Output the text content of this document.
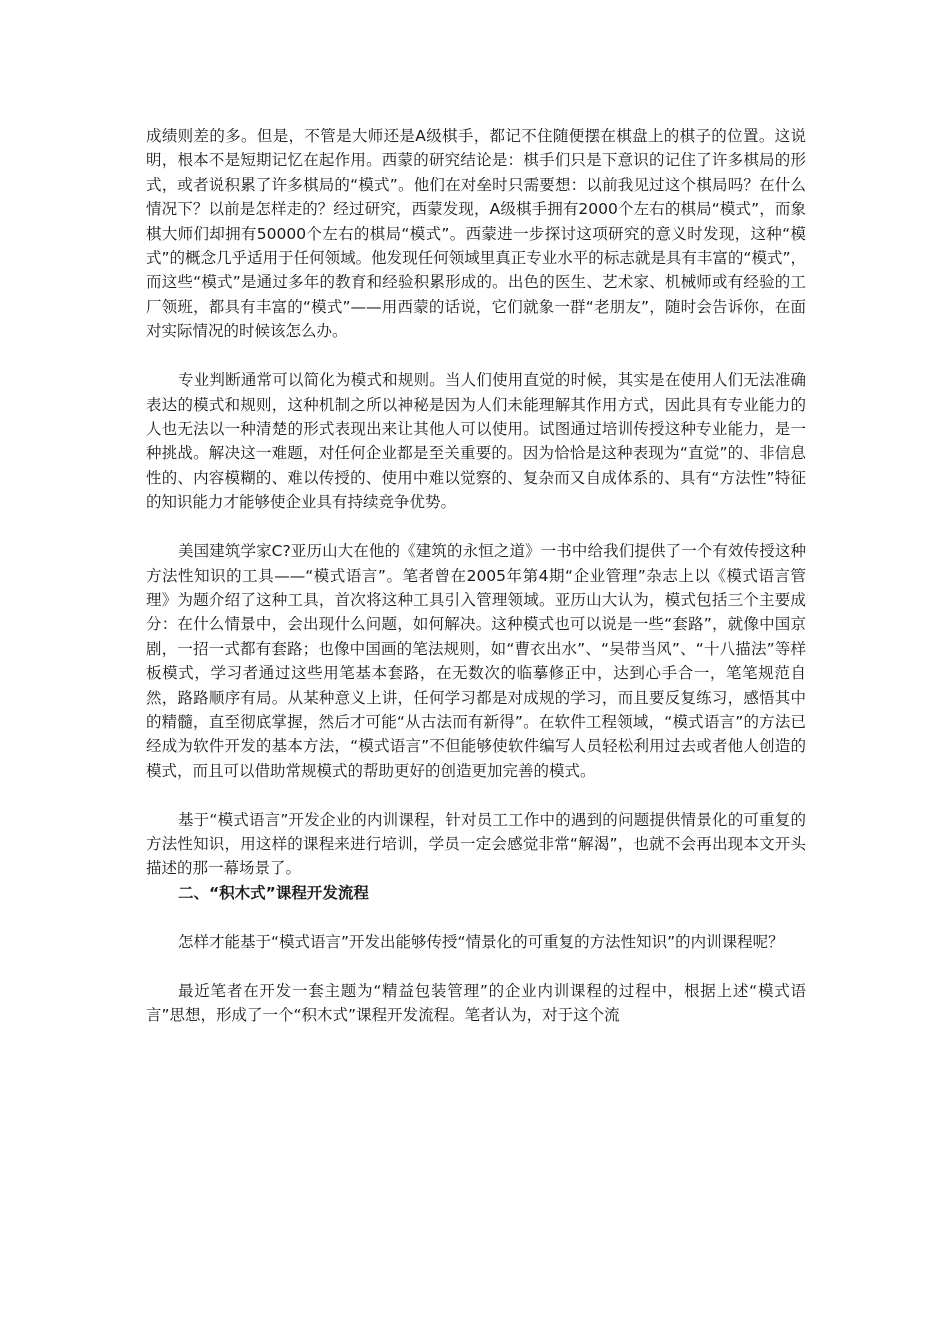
成绩则差的多。但是，不管是大师还是A级棋手，都记不住随便摆在棋盘上的棋子的位置。这说明，根本不是短期记忆在起作用。西蒙的研究结论是：棋手们只是下意识的记住了许多棋局的形式，或者说积累了许多棋局的“模式”。他们在对垒时只需要想：以前我见过这个棋局吗？在什么情况下？以前是怎样走的？经过研究，西蒙发现，A级棋手拥有2000个左右的棋局“模式”，而象棋大师们却拥有50000个左右的棋局“模式”。西蒙进一步探讨这项研究的意义时发现，这种“模式”的概念几乎适用于任何领域。他发现任何领域里真正专业水平的标志就是具有丰富的“模式”，而这些“模式”是通过多年的教育和经验积累形成的。出色的医生、艺术家、机械师或有经验的工厂领班，都具有丰富的“模式”——用西蒙的话说，它们就象一群“老朋友”，随时会告诉你，在面对实际情况的时候该怎么办。

专业判断通常可以简化为模式和规则。当人们使用直觉的时候，其实是在使用人们无法准确表达的模式和规则，这种机制之所以神秘是因为人们未能理解其作用方式，因此具有专业能力的人也无法以一种清楚的形式表现出来让其他人可以使用。试图通过培训传授这种专业能力，是一种挑战。解决这一难题，对任何企业都是至关重要的。因为恰恰是这种表现为“直觉”的、非信息性的、内容模糊的、难以传授的、使用中难以觉察的、复杂而又自成体系的、具有“方法性”特征的知识能力才能够使企业具有持续竞争优势。

美国建筑学家C?亚历山大在他的《建筑的永恒之道》一书中给我们提供了一个有效传授这种方法性知识的工具——“模式语言”。笔者曾在2005年第4期“企业管理”杂志上以《模式语言管理》为题介绍了这种工具，首次将这种工具引入管理领域。亚历山大认为，模式包括三个主要成分：在什么情景中，会出现什么问题，如何解决。这种模式也可以说是一些“套路”，就像中国京剧，一招一式都有套路；也像中国画的笔法规则，如“曹衣出水”、“吴带当风”、“十八描法”等样板模式，学习者通过这些用笔基本套路，在无数次的临摹修正中，达到心手合一，笔笔规范自然，路路顺序有局。从某种意义上讲，任何学习都是对成规的学习，而且要反复练习，感悟其中的精髓，直至彻底掌握，然后才可能“从古法而有新得”。在软件工程领域，“模式语言”的方法已经成为软件开发的基本方法，“模式语言”不但能够使软件编写人员轻松利用过去或者他人创造的模式，而且可以借助常规模式的帮助更好的创造更加完善的模式。

基于“模式语言”开发企业的内训课程，针对员工工作中的遇到的问题提供情景化的可重复的方法性知识，用这样的课程来进行培训，学员一定会感觉非常“解渴”，也就不会再出现本文开头描述的那一幕场景了。

二、“积木式”课程开发流程

怎样才能基于“模式语言”开发出能够传授“情景化的可重复的方法性知识”的内训课程呢？

最近笔者在开发一套主题为“精益包装管理”的企业内训课程的过程中，根据上述“模式语言”思想，形成了一个“积木式”课程开发流程。笔者认为，对于这个流
